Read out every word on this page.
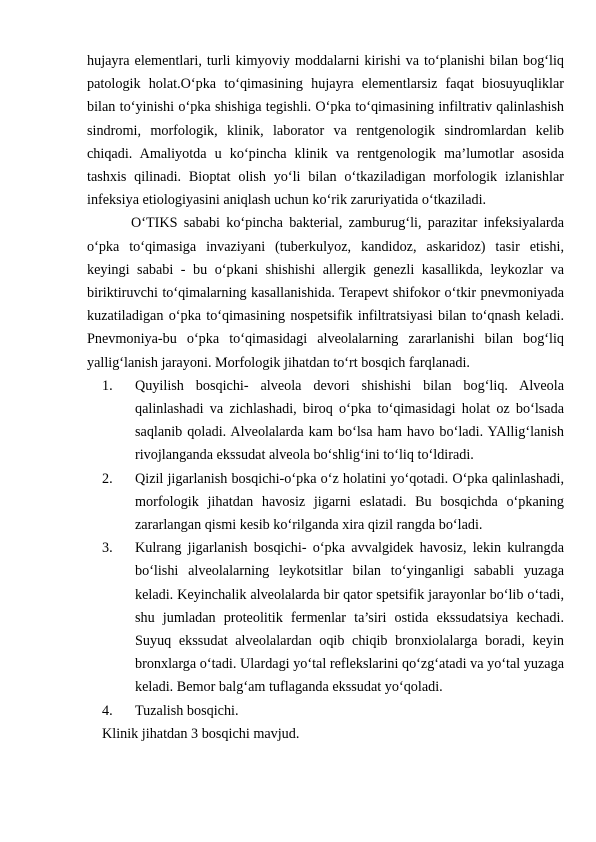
hujayra elementlari, turli kimyoviy moddalarni kirishi va to‘planishi bilan bog‘liq patologik holat.O‘pka to‘qimasining hujayra elementlarsiz faqat biosuyuqliklar bilan to‘yinishi o‘pka shishiga tegishli. O‘pka to‘qimasining infiltrativ qalinlashish sindromi, morfologik, klinik, laborator va rentgenologik sindromlardan kelib chiqadi. Amaliyotda u ko‘pincha klinik va rentgenologik ma’lumotlar asosida tashxis qilinadi. Bioptat olish yo‘li bilan o‘tkaziladigan morfologik izlanishlar infeksiya etiologiyasini aniqlash uchun ko‘rik zaruriyatida o‘tkaziladi.

O‘TIKS sababi ko‘pincha bakterial, zamburug‘li, parazitar infeksiyalarda o‘pka to‘qimasiga invaziyani (tuberkulyoz, kandidoz, askaridoz) tasir etishi, keyingi sababi - bu o‘pkani shishishi allergik genezli kasallikda, leykozlar va biriktiruvchi to‘qimalarning kasallanishida. Terapevt shifokor o‘tkir pnevmoniyada kuzatiladigan o‘pka to‘qimasining nospetsifik infiltratsiyasi bilan to‘qnash keladi. Pnevmoniya-bu o‘pka to‘qimasidagi alveolalarning zararlanishi bilan bog‘liq yallig‘lanish jarayoni. Morfologik jihatdan to‘rt bosqich farqlanadi.

1.	Quyilish bosqichi- alveola devori shishishi bilan bog‘liq. Alveola qalinlashadi va zichlashadi, biroq o‘pka to‘qimasidagi holat oz bo‘lsada saqlanib qoladi. Alveolalarda kam bo‘lsa ham havo bo‘ladi. YAllig‘lanish rivojlanganda ekssudat alveola bo‘shlig‘ini to‘liq to‘ldiradi.
2.	Qizil jigarlanish bosqichi-o‘pka o‘z holatini yo‘qotadi. O‘pka qalinlashadi, morfologik jihatdan havosiz jigarni eslatadi. Bu bosqichda o‘pkaning zararlangan qismi kesib ko‘rilganda xira qizil rangda bo‘ladi.
3.	Kulrang jigarlanish bosqichi- o‘pka avvalgidek havosiz, lekin kulrangda bo‘lishi alveolalarning leykotsitlar bilan to‘yinganligi sababli yuzaga keladi. Keyinchalik alveolalarda bir qator spetsifik jarayonlar bo‘lib o‘tadi, shu jumladan proteolitik fermenlar ta’siri ostida ekssudatsiya kechadi. Suyuq ekssudat alveolalardan oqib chiqib bronxiolalarga boradi, keyin bronxlarga o‘tadi. Ulardagi yo‘tal reflekslarini qo‘zg‘atadi va yo‘tal yuzaga keladi. Bemor balg‘am tuflaganda ekssudat yo‘qoladi.
4.	Tuzalish bosqichi.

Klinik jihatdan 3 bosqichi mavjud.
